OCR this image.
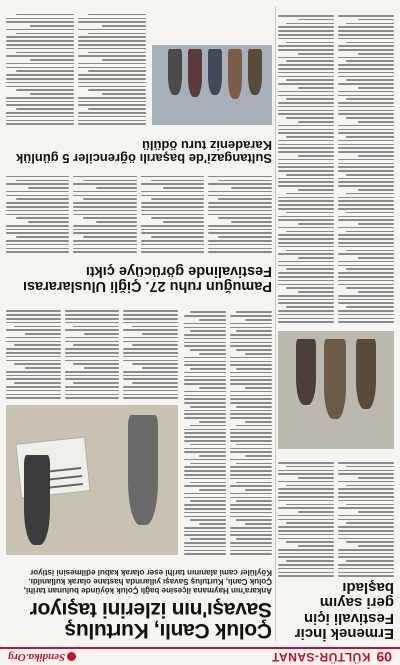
09
KÜLTÜR-SANAT
Sendika.Org
Ermenek İncir Festivali için geri sayım başladı
Çoluk Canlı, Kurtuluş Savaşı'nın izlerini taşıyor
Ankara'nın Haymana ilçesine bağlı Çoluk köyünde bulunan tarihi, Çoluk Canlı, Kurtuluş Savaşı yıllarında hastane olarak kullanıldı. Köylüler cami alanının tarihi eser olarak kabul edilmesini istiyor
Pamuğun ruhu 27. Çiğli Uluslararası Festivalinde görücüye çıktı
Sultangazi'de başarılı öğrenciler 5 günlük Karadeniz turu ödülü
